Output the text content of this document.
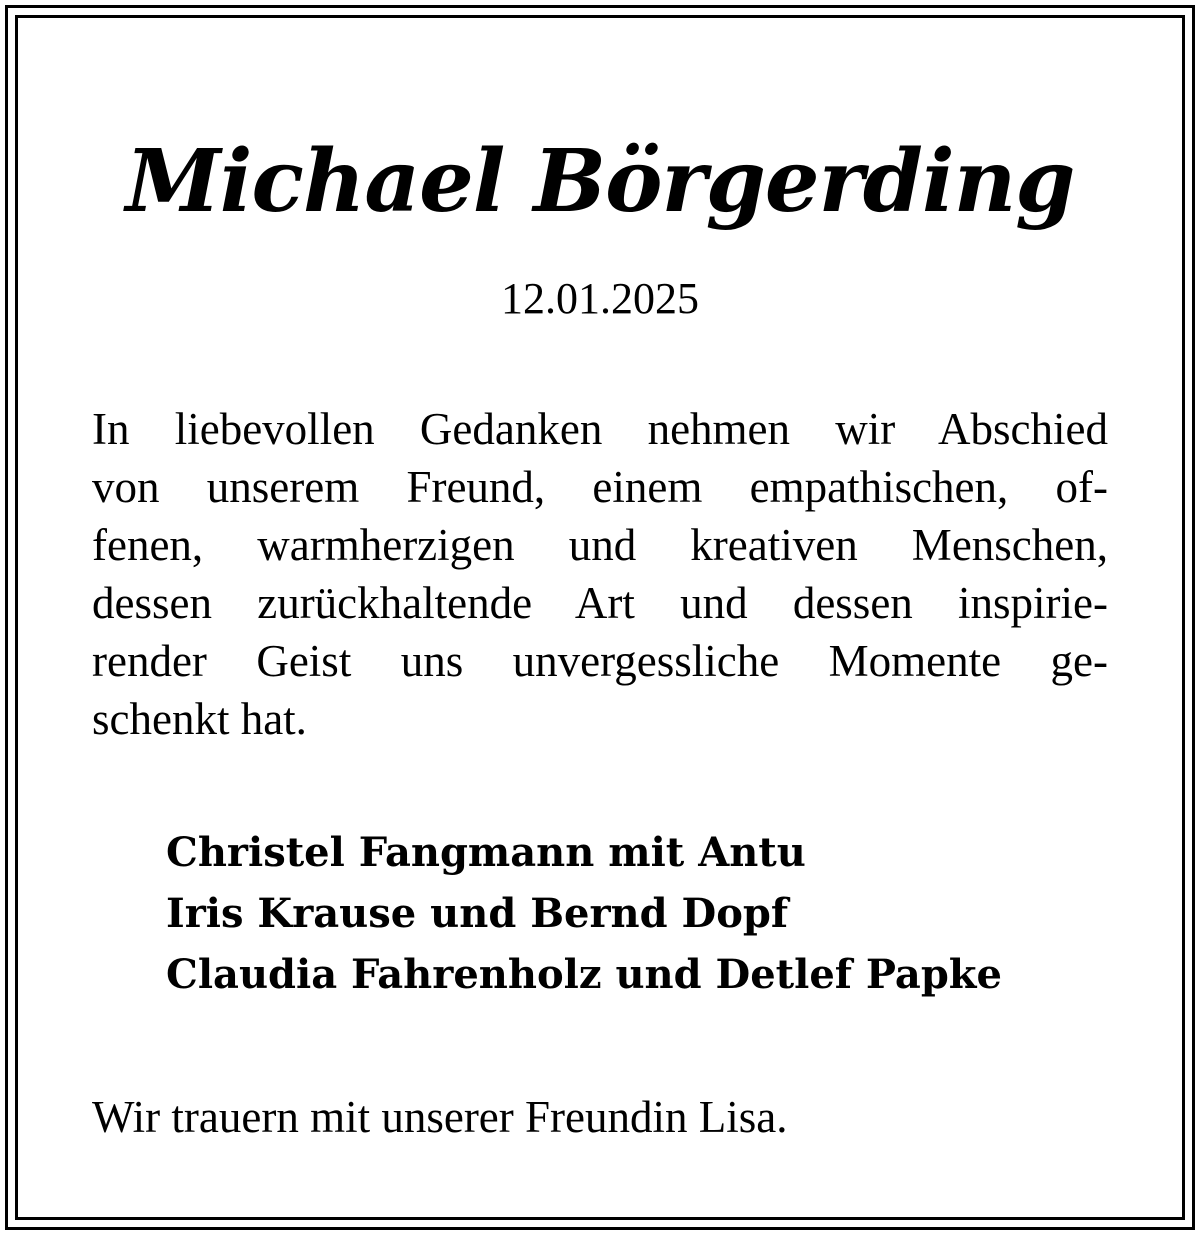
Michael Börgerding
12.01.2025
In liebevollen Gedanken nehmen wir Abschied
von unserem Freund, einem empathischen, of-
fenen, warmherzigen und kreativen Menschen,
dessen zurückhaltende Art und dessen inspirie-
render Geist uns unvergessliche Momente ge-
schenkt hat.
Christel Fangmann mit Antu
Iris Krause und Bernd Dopf
Claudia Fahrenholz und Detlef Papke
Wir trauern mit unserer Freundin Lisa.
